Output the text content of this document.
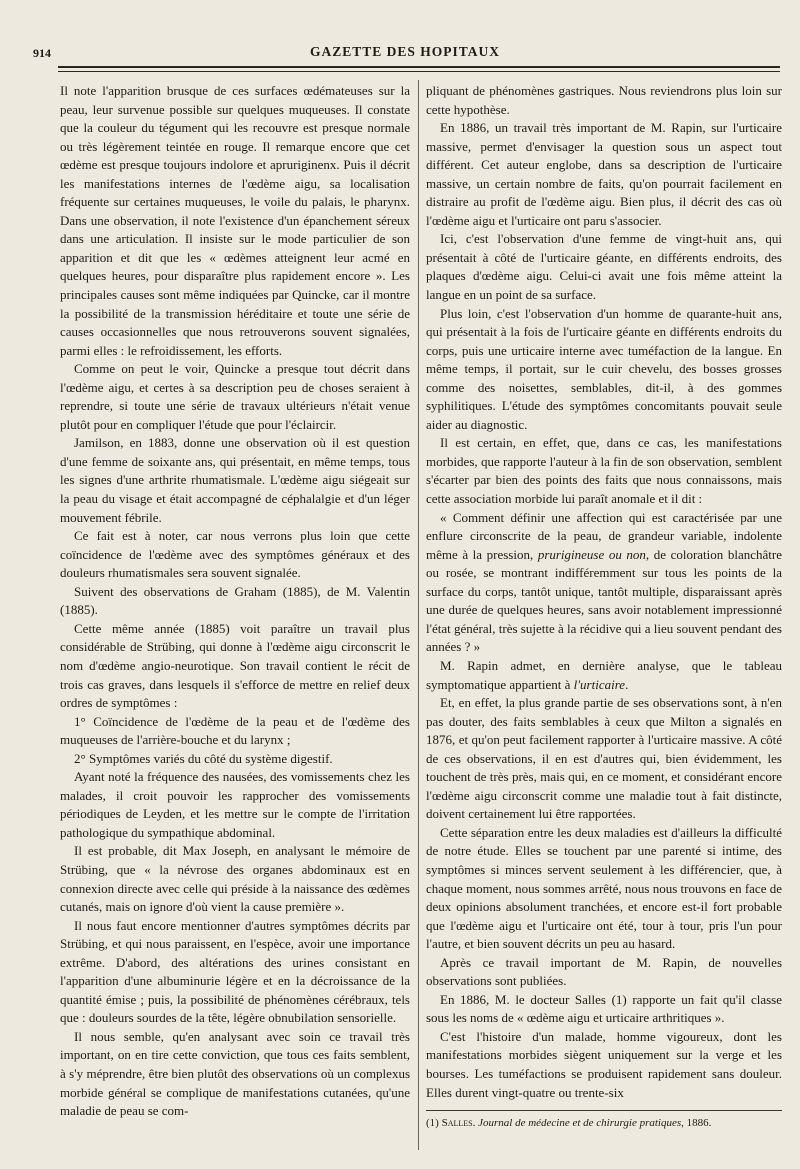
914	GAZETTE DES HOPITAUX

Il note l'apparition brusque de ces surfaces œdémateuses sur la peau, leur survenue possible sur quelques muqueuses. Il constate que la couleur du tégument qui les recouvre est presque normale ou très légèrement teintée en rouge. Il remarque encore que cet œdème est presque toujours indolore et apruriginenx. Puis il décrit les manifestations internes de l'œdème aigu, sa localisation fréquente sur certaines muqueuses, le voile du palais, le pharynx. Dans une observation, il note l'existence d'un épanchement séreux dans une articulation. Il insiste sur le mode particulier de son apparition et dit que les « œdèmes atteignent leur acmé en quelques heures, pour disparaître plus rapidement encore ». Les principales causes sont même indiquées par Quincke, car il montre la possibilité de la transmission héréditaire et toute une série de causes occasionnelles que nous retrouverons souvent signalées, parmi elles : le refroidissement, les efforts.

Comme on peut le voir, Quincke a presque tout décrit dans l'œdème aigu, et certes à sa description peu de choses seraient à reprendre, si toute une série de travaux ultérieurs n'était venue plutôt pour en compliquer l'étude que pour l'éclaircir.

Jamilson, en 1883, donne une observation où il est question d'une femme de soixante ans, qui présentait, en même temps, tous les signes d'une arthrite rhumatismale. L'œdème aigu siégeait sur la peau du visage et était accompagné de céphalalgie et d'un léger mouvement fébrile.

Ce fait est à noter, car nous verrons plus loin que cette coïncidence de l'œdème avec des symptômes généraux et des douleurs rhumatismales sera souvent signalée.

Suivent des observations de Graham (1885), de M. Valentin (1885).

Cette même année (1885) voit paraître un travail plus considérable de Strübing, qui donne à l'œdème aigu circonscrit le nom d'œdème angio-neurotique. Son travail contient le récit de trois cas graves, dans lesquels il s'efforce de mettre en relief deux ordres de symptômes :

1° Coïncidence de l'œdème de la peau et de l'œdème des muqueuses de l'arrière-bouche et du larynx ;

2° Symptômes variés du côté du système digestif.

Ayant noté la fréquence des nausées, des vomissements chez les malades, il croit pouvoir les rapprocher des vomissements périodiques de Leyden, et les mettre sur le compte de l'irritation pathologique du sympathique abdominal.

Il est probable, dit Max Joseph, en analysant le mémoire de Strübing, que « la névrose des organes abdominaux est en connexion directe avec celle qui préside à la naissance des œdèmes cutanés, mais on ignore d'où vient la cause première ».

Il nous faut encore mentionner d'autres symptômes décrits par Strübing, et qui nous paraissent, en l'espèce, avoir une importance extrême. D'abord, des altérations des urines consistant en l'apparition d'une albuminurie légère et en la décroissance de la quantité émise ; puis, la possibilité de phénomènes cérébraux, tels que : douleurs sourdes de la tête, légère obnubilation sensorielle.

Il nous semble, qu'en analysant avec soin ce travail très important, on en tire cette conviction, que tous ces faits semblent, à s'y méprendre, être bien plutôt des observations où un complexus morbide général se complique de manifestations cutanées, qu'une maladie de peau se com-

pliquant de phénomènes gastriques. Nous reviendrons plus loin sur cette hypothèse.

En 1886, un travail très important de M. Rapin, sur l'urticaire massive, permet d'envisager la question sous un aspect tout différent. Cet auteur englobe, dans sa description de l'urticaire massive, un certain nombre de faits, qu'on pourrait facilement en distraire au profit de l'œdème aigu. Bien plus, il décrit des cas où l'œdème aigu et l'urticaire ont paru s'associer.

Ici, c'est l'observation d'une femme de vingt-huit ans, qui présentait à côté de l'urticaire géante, en différents endroits, des plaques d'œdème aigu. Celui-ci avait une fois même atteint la langue en un point de sa surface.

Plus loin, c'est l'observation d'un homme de quarante-huit ans, qui présentait à la fois de l'urticaire géante en différents endroits du corps, puis une urticaire interne avec tuméfaction de la langue. En même temps, il portait, sur le cuir chevelu, des bosses grosses comme des noisettes, semblables, dit-il, à des gommes syphilitiques. L'étude des symptômes concomitants pouvait seule aider au diagnostic.

Il est certain, en effet, que, dans ce cas, les manifestations morbides, que rapporte l'auteur à la fin de son observation, semblent s'écarter par bien des points des faits que nous connaissons, mais cette association morbide lui paraît anomale et il dit :

« Comment définir une affection qui est caractérisée par une enflure circonscrite de la peau, de grandeur variable, indolente même à la pression, prurigineuse ou non, de coloration blanchâtre ou rosée, se montrant indifféremment sur tous les points de la surface du corps, tantôt unique, tantôt multiple, disparaissant après une durée de quelques heures, sans avoir notablement impressionné l'état général, très sujette à la récidive qui a lieu souvent pendant des années ? »

M. Rapin admet, en dernière analyse, que le tableau symptomatique appartient à l'urticaire.

Et, en effet, la plus grande partie de ses observations sont, à n'en pas douter, des faits semblables à ceux que Milton a signalés en 1876, et qu'on peut facilement rapporter à l'urticaire massive. A côté de ces observations, il en est d'autres qui, bien évidemment, les touchent de très près, mais qui, en ce moment, et considérant encore l'œdème aigu circonscrit comme une maladie tout à fait distincte, doivent certainement lui être rapportées.

Cette séparation entre les deux maladies est d'ailleurs la difficulté de notre étude. Elles se touchent par une parenté si intime, des symptômes si minces servent seulement à les différencier, que, à chaque moment, nous sommes arrêté, nous nous trouvons en face de deux opinions absolument tranchées, et encore est-il fort probable que l'œdème aigu et l'urticaire ont été, tour à tour, pris l'un pour l'autre, et bien souvent décrits un peu au hasard.

Après ce travail important de M. Rapin, de nouvelles observations sont publiées.

En 1886, M. le docteur Salles (1) rapporte un fait qu'il classe sous les noms de « œdème aigu et urticaire arthritiques ».

C'est l'histoire d'un malade, homme vigoureux, dont les manifestations morbides siègent uniquement sur la verge et les bourses. Les tuméfactions se produisent rapidement sans douleur. Elles durent vingt-quatre ou trente-six

(1) Salles. Journal de médecine et de chirurgie pratiques, 1886.
